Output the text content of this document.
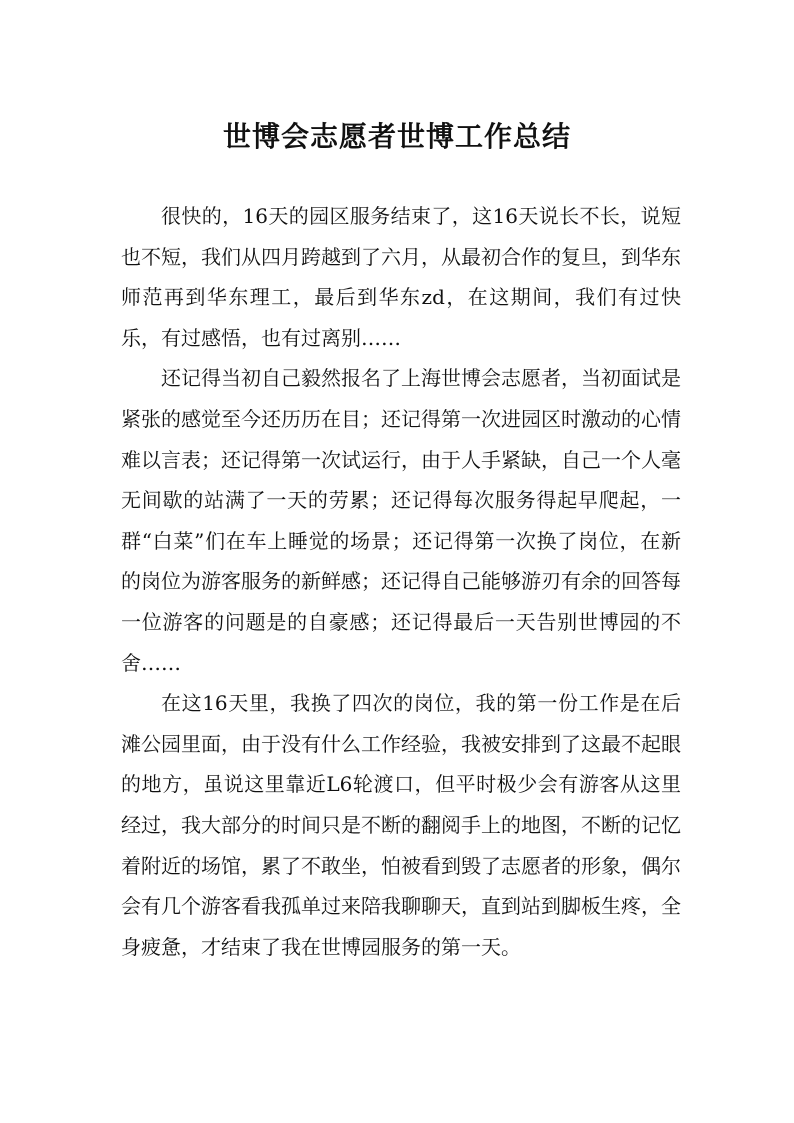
世博会志愿者世博工作总结

很快的，16天的园区服务结束了，这16天说长不长，说短也不短，我们从四月跨越到了六月，从最初合作的复旦，到华东师范再到华东理工，最后到华东zd，在这期间，我们有过快乐，有过感悟，也有过离别……

还记得当初自己毅然报名了上海世博会志愿者，当初面试是紧张的感觉至今还历历在目；还记得第一次进园区时激动的心情难以言表；还记得第一次试运行，由于人手紧缺，自己一个人毫无间歇的站满了一天的劳累；还记得每次服务得起早爬起，一群“白菜”们在车上睡觉的场景；还记得第一次换了岗位，在新的岗位为游客服务的新鲜感；还记得自己能够游刃有余的回答每一位游客的问题是的自豪感；还记得最后一天告别世博园的不舍……

在这16天里，我换了四次的岗位，我的第一份工作是在后滩公园里面，由于没有什么工作经验，我被安排到了这最不起眼的地方，虽说这里靠近L6轮渡口，但平时极少会有游客从这里经过，我大部分的时间只是不断的翻阅手上的地图，不断的记忆着附近的场馆，累了不敢坐，怕被看到毁了志愿者的形象，偶尔会有几个游客看我孤单过来陪我聊聊天，直到站到脚板生疼，全身疲惫，才结束了我在世博园服务的第一天。
